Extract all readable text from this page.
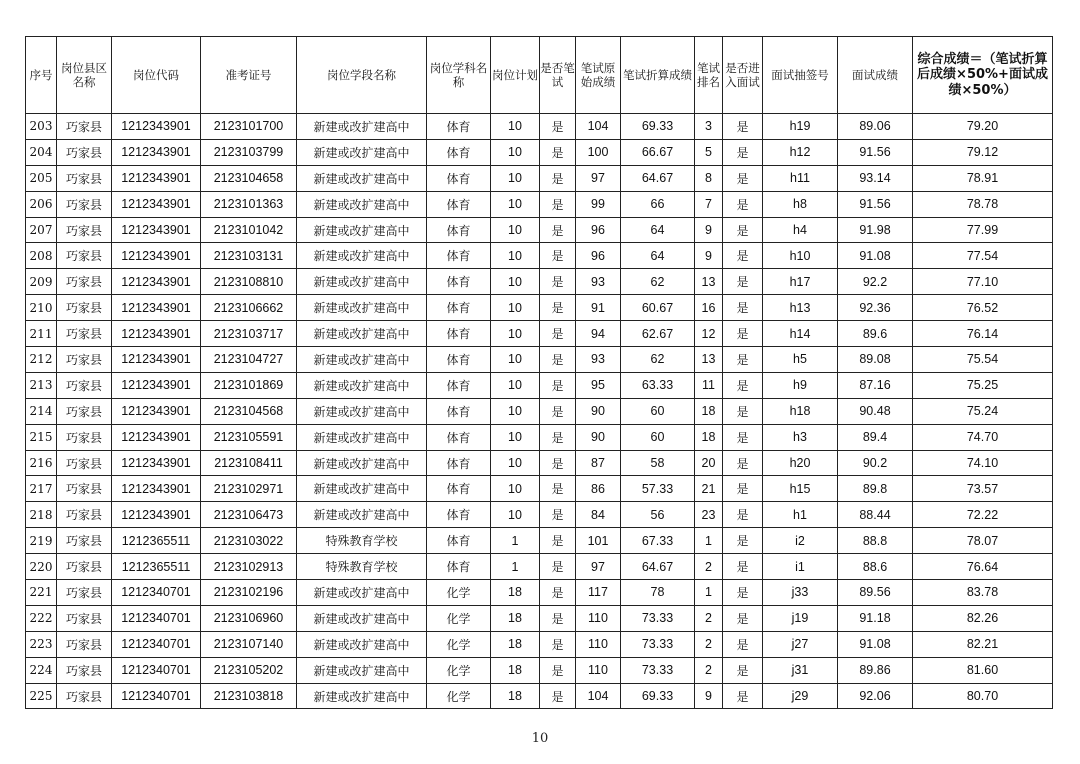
序号	岗位县区名称	岗位代码	准考证号	岗位学段名称	岗位学科名称	岗位计划	是否笔试	笔试原始成绩	笔试折算成绩	笔试排名	是否进入面试	面试抽签号	面试成绩	综合成绩＝（笔试折算后成绩×50%+面试成绩×50%）
203	巧家县	1212343901	2123101700	新建或改扩建高中	体育	10	是	104	69.33	3	是	h19	89.06	79.20
204	巧家县	1212343901	2123103799	新建或改扩建高中	体育	10	是	100	66.67	5	是	h12	91.56	79.12
205	巧家县	1212343901	2123104658	新建或改扩建高中	体育	10	是	97	64.67	8	是	h11	93.14	78.91
206	巧家县	1212343901	2123101363	新建或改扩建高中	体育	10	是	99	66	7	是	h8	91.56	78.78
207	巧家县	1212343901	2123101042	新建或改扩建高中	体育	10	是	96	64	9	是	h4	91.98	77.99
208	巧家县	1212343901	2123103131	新建或改扩建高中	体育	10	是	96	64	9	是	h10	91.08	77.54
209	巧家县	1212343901	2123108810	新建或改扩建高中	体育	10	是	93	62	13	是	h17	92.2	77.10
210	巧家县	1212343901	2123106662	新建或改扩建高中	体育	10	是	91	60.67	16	是	h13	92.36	76.52
211	巧家县	1212343901	2123103717	新建或改扩建高中	体育	10	是	94	62.67	12	是	h14	89.6	76.14
212	巧家县	1212343901	2123104727	新建或改扩建高中	体育	10	是	93	62	13	是	h5	89.08	75.54
213	巧家县	1212343901	2123101869	新建或改扩建高中	体育	10	是	95	63.33	11	是	h9	87.16	75.25
214	巧家县	1212343901	2123104568	新建或改扩建高中	体育	10	是	90	60	18	是	h18	90.48	75.24
215	巧家县	1212343901	2123105591	新建或改扩建高中	体育	10	是	90	60	18	是	h3	89.4	74.70
216	巧家县	1212343901	2123108411	新建或改扩建高中	体育	10	是	87	58	20	是	h20	90.2	74.10
217	巧家县	1212343901	2123102971	新建或改扩建高中	体育	10	是	86	57.33	21	是	h15	89.8	73.57
218	巧家县	1212343901	2123106473	新建或改扩建高中	体育	10	是	84	56	23	是	h1	88.44	72.22
219	巧家县	1212365511	2123103022	特殊教育学校	体育	1	是	101	67.33	1	是	i2	88.8	78.07
220	巧家县	1212365511	2123102913	特殊教育学校	体育	1	是	97	64.67	2	是	i1	88.6	76.64
221	巧家县	1212340701	2123102196	新建或改扩建高中	化学	18	是	117	78	1	是	j33	89.56	83.78
222	巧家县	1212340701	2123106960	新建或改扩建高中	化学	18	是	110	73.33	2	是	j19	91.18	82.26
223	巧家县	1212340701	2123107140	新建或改扩建高中	化学	18	是	110	73.33	2	是	j27	91.08	82.21
224	巧家县	1212340701	2123105202	新建或改扩建高中	化学	18	是	110	73.33	2	是	j31	89.86	81.60
225	巧家县	1212340701	2123103818	新建或改扩建高中	化学	18	是	104	69.33	9	是	j29	92.06	80.70
10
